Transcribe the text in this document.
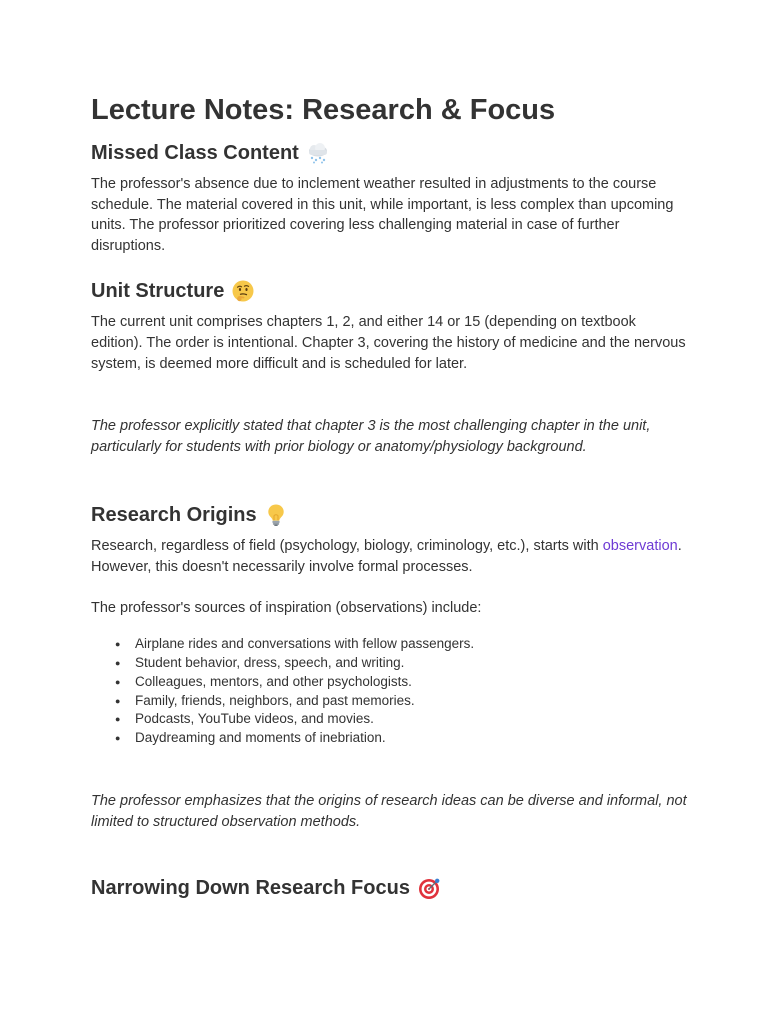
Lecture Notes: Research & Focus
Missed Class Content

The professor's absence due to inclement weather resulted in adjustments to the course schedule. The material covered in this unit, while important, is less complex than upcoming units. The professor prioritized covering less challenging material in case of further disruptions.

Unit Structure

The current unit comprises chapters 1, 2, and either 14 or 15 (depending on textbook edition). The order is intentional. Chapter 3, covering the history of medicine and the nervous system, is deemed more difficult and is scheduled for later.

The professor explicitly stated that chapter 3 is the most challenging chapter in the unit, particularly for students with prior biology or anatomy/physiology background.

Research Origins

Research, regardless of field (psychology, biology, criminology, etc.), starts with observation. However, this doesn't necessarily involve formal processes.

The professor's sources of inspiration (observations) include:

● Airplane rides and conversations with fellow passengers.
● Student behavior, dress, speech, and writing.
● Colleagues, mentors, and other psychologists.
● Family, friends, neighbors, and past memories.
● Podcasts, YouTube videos, and movies.
● Daydreaming and moments of inebriation.

The professor emphasizes that the origins of research ideas can be diverse and informal, not limited to structured observation methods.

Narrowing Down Research Focus
